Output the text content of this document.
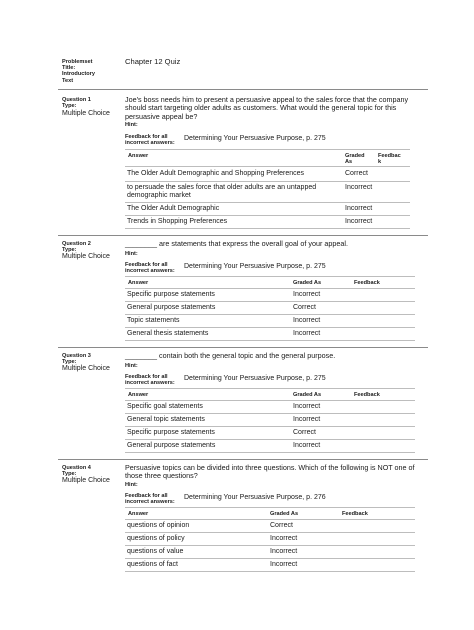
Problemset
Title:
Introductory
Text
Chapter 12 Quiz
Question 1
Type:
Multiple Choice
Joe's boss needs him to present a persuasive appeal to the sales force that the company
should start targeting older adults as customers. What would the general topic for this
persuasive appeal be?
Hint:
Feedback for all
incorrect answers:
Determining Your Persuasive Purpose, p. 275
Answer	Graded
As
Feedbac
k
The Older Adult Demographic and Shopping Preferences	Correct
to persuade the sales force that older adults are an untapped
demographic market
Incorrect
The Older Adult Demographic	Incorrect
Trends in Shopping Preferences	Incorrect
Question 2
Type:
Multiple Choice
________ are statements that express the overall goal of your appeal.
Hint:
Feedback for all
incorrect answers:
Determining Your Persuasive Purpose, p. 275
Answer	Graded As	Feedback
Specific purpose statements	Incorrect
General purpose statements	Correct
Topic statements	Incorrect
General thesis statements	Incorrect
Question 3
Type:
Multiple Choice
________ contain both the general topic and the general purpose.
Hint:
Feedback for all
incorrect answers:
Determining Your Persuasive Purpose, p. 275
Answer	Graded As	Feedback
Specific goal statements	Incorrect
General topic statements	Incorrect
Specific purpose statements	Correct
General purpose statements	Incorrect
Question 4
Type:
Multiple Choice
Persuasive topics can be divided into three questions. Which of the following is NOT one of
those three questions?
Hint:
Feedback for all
incorrect answers:
Determining Your Persuasive Purpose, p. 276
Answer	Graded As	Feedback
questions of opinion	Correct
questions of policy	Incorrect
questions of value	Incorrect
questions of fact	Incorrect
